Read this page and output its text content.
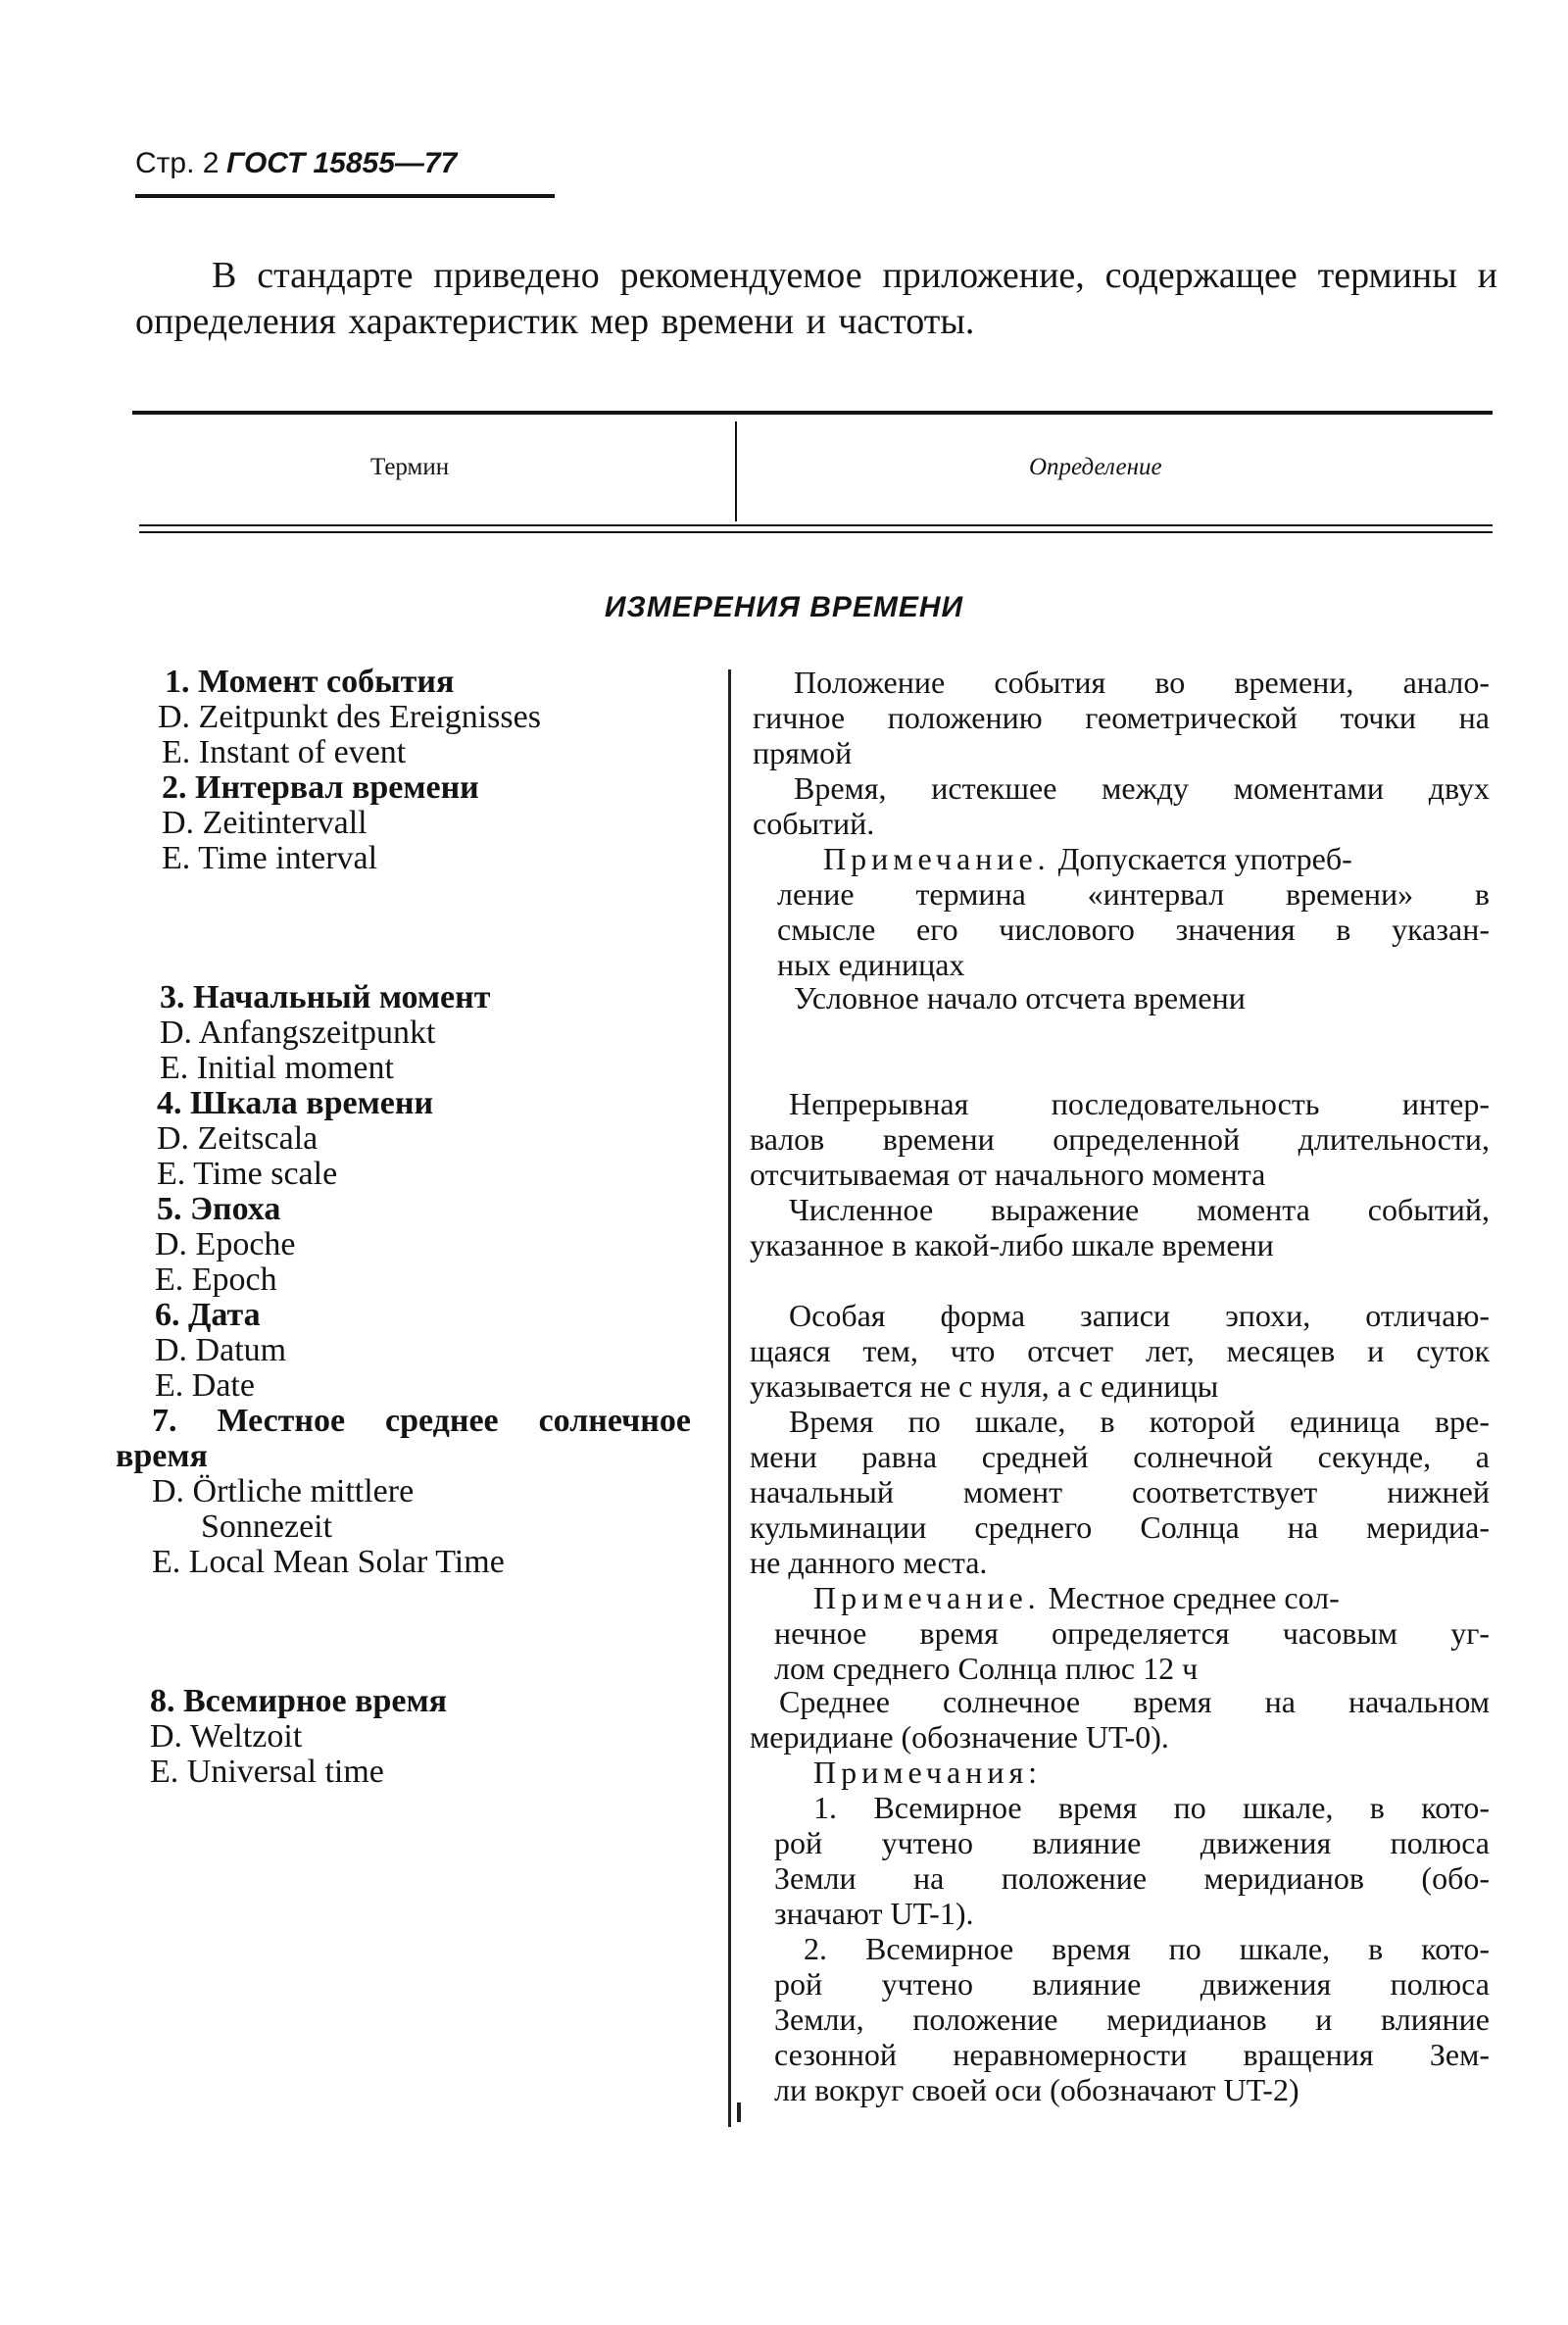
Стр. 2 ГОСТ 15855—77
В стандарте приведено рекомендуемое приложение, содержащее термины и определения характеристик мер времени и частоты.
Термин	Определение
ИЗМЕРЕНИЯ ВРЕМЕНИ
1. Момент события
D. Zeitpunkt des Ereignisses
E. Instant of event
2. Интервал времени
D. Zeitintervall
E. Time interval
3. Начальный момент
D. Anfangszeitpunkt
E. Initial moment
4. Шкала времени
D. Zeitscala
E. Time scale
5. Эпоха
D. Epoche
E. Epoch
6. Дата
D. Datum
E. Date
7. Местное среднее солнечное
время
D. Örtliche mittlere
Sonnezeit
E. Local Mean Solar Time
8. Всемирное время
D. Weltzoit
E. Universal time
Положение события во времени, анало-
гичное положению геометрической точки на
прямой
Время, истекшее между моментами двух
событий.
Примечание. Допускается употреб-
ление термина «интервал времени» в
смысле его числового значения в указан-
ных единицах
Условное начало отсчета времени
Непрерывная последовательность интер-
валов времени определенной длительности,
отсчитываемая от начального момента
Численное выражение момента событий,
указанное в какой-либо шкале времени
Особая форма записи эпохи, отличаю-
щаяся тем, что отсчет лет, месяцев и суток
указывается не с нуля, а с единицы
Время по шкале, в которой единица вре-
мени равна средней солнечной секунде, а
начальный момент соответствует нижней
кульминации среднего Солнца на меридиа-
не данного места.
Примечание. Местное среднее сол-
нечное время определяется часовым уг-
лом среднего Солнца плюс 12 ч
Среднее солнечное время на начальном
меридиане (обозначение UT-0).
Примечания:
1. Всемирное время по шкале, в кото-
рой учтено влияние движения полюса
Земли на положение меридианов (обо-
значают UT-1).
2. Всемирное время по шкале, в кото-
рой учтено влияние движения полюса
Земли, положение меридианов и влияние
сезонной неравномерности вращения Зем-
ли вокруг своей оси (обозначают UT-2)
